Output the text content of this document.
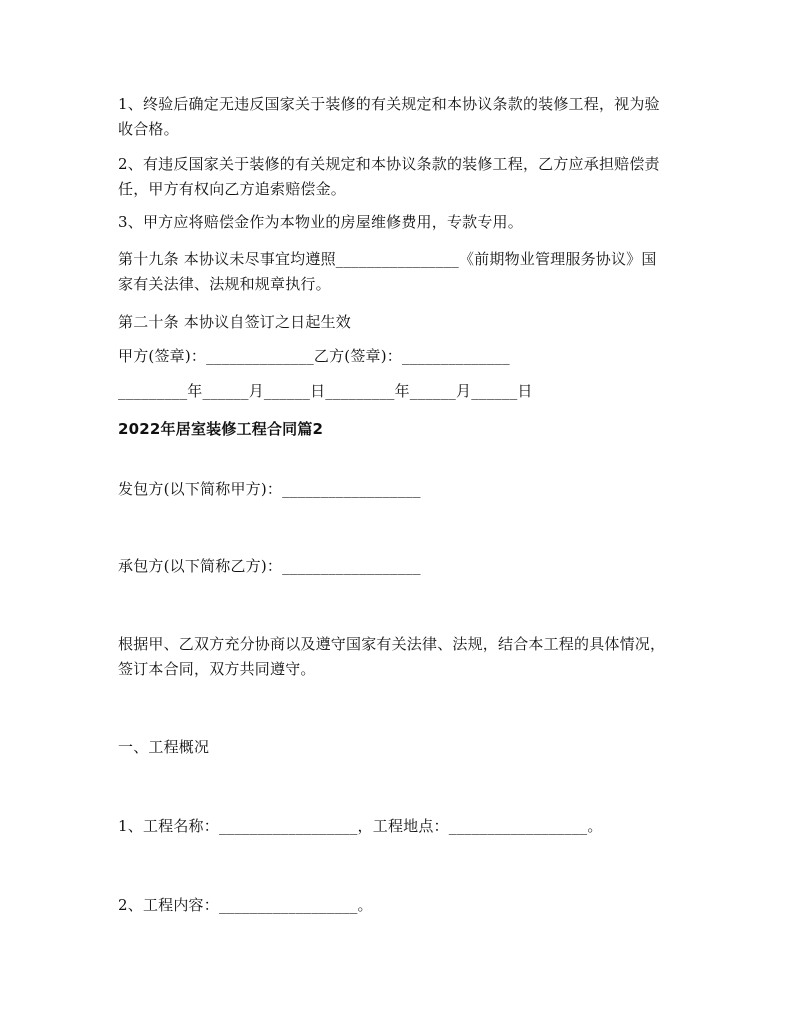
1、终验后确定无违反国家关于装修的有关规定和本协议条款的装修工程，视为验
收合格。
2、有违反国家关于装修的有关规定和本协议条款的装修工程，乙方应承担赔偿责
任，甲方有权向乙方追索赔偿金。
3、甲方应将赔偿金作为本物业的房屋维修费用，专款专用。
第十九条 本协议未尽事宜均遵照________________《前期物业管理服务协议》国
家有关法律、法规和规章执行。
第二十条 本协议自签订之日起生效
甲方(签章)：______________乙方(签章)：______________
_________年______月______日_________年______月______日
2022年居室装修工程合同篇2
发包方(以下简称甲方)：__________________
承包方(以下简称乙方)：__________________
根据甲、乙双方充分协商以及遵守国家有关法律、法规，结合本工程的具体情况，
签订本合同，双方共同遵守。
一、工程概况
1、工程名称：__________________，工程地点：__________________。
2、工程内容：__________________。
